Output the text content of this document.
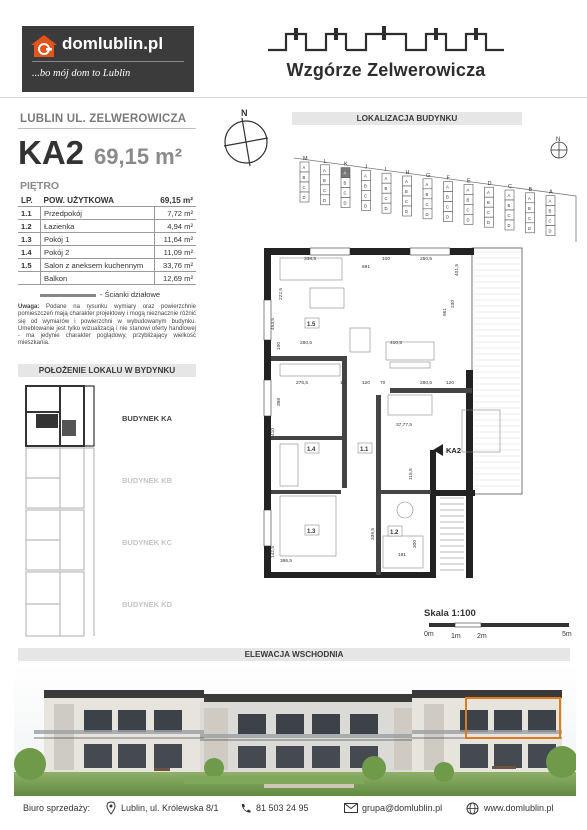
domlublin.pl
...bo mój dom to Lublin	Wzgórze Zelwerowicza
LUBLIN UL. ZELWEROWICZA
KA2 69,15 m²
PIĘTRO
LP.	POW. UŻYTKOWA	69,15 m²
1.1	Przedpokój	7,72 m²
1.2	Łazienka	4,94 m²
1.3	Pokój 1	11,64 m²
1.4	Pokój 2	11,09 m²
1.5	Salon z aneksem kuchennym	33,76 m²
	Balkon	12,69 m²
- Ścianki działowe
Uwaga: Podane na rysunku wymiary oraz powierzchnie pomieszczeń mają charakter projektowy i mogą nieznacznie różnić się od wymiarów i powierzchni w wybudowanym budynku. Umeblowanie jest tylko wizualizacją i nie stanowi oferty handlowej - ma jedynie charakter poglądowy, przybliżający wielkość mieszkania.
POŁOŻENIE LOKALU W BYDYNKU
BUDYNEK KA
BUDYNEK KB
BUDYNEK KC
BUDYNEK KD
N
LOKALIZACJA BUDYNKU
N
M
A
B
C
D
L
A
B
C
D
K
A
B
C
D
J
A
B
C
D
I
A
B
C
D
H
A
B
C
D
G
A
B
C
D
F
A
B
C
D
E
A
B
C
D
D
A
B
C
D
C
A
B
C
D
B
A
B
C
D
A
A
B
C
D
KA2
1.5
1.4	1.1
1.3	1.2
338,5
691
100	250,5
280,5	410,5
276,5	10	120 70	280,5	120
386,5
181
37,77,5
222,5
453,5
100
398
410
142,5
401,5
230
561
339,5
115,5
300
Skala 1:100
0m 1m 2m	5m
ELEWACJA WSCHODNIA
Biuro sprzedaży:	Lublin, ul. Królewska 8/1	81 503 24 95	grupa@domlublin.pl	www.domlublin.pl
